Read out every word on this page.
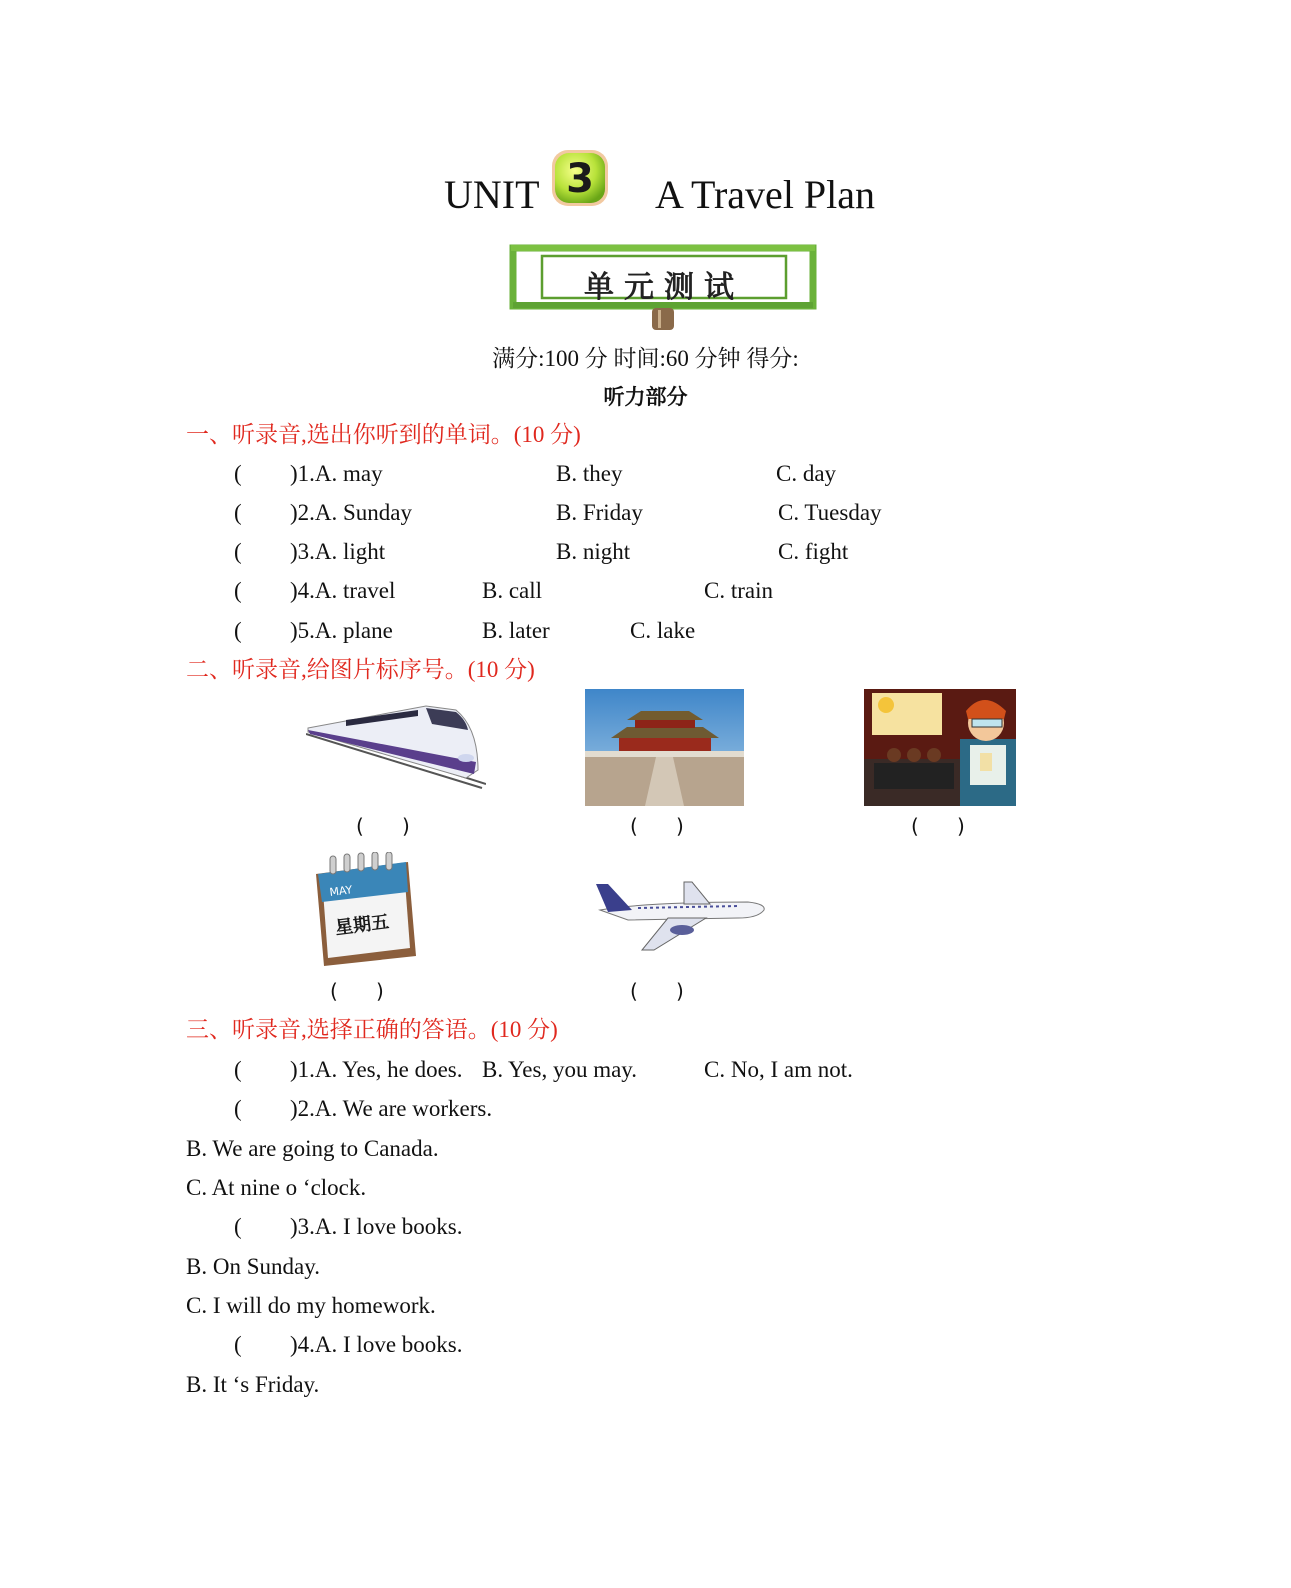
UNIT 3 A Travel Plan
单元测试
满分:100 分 时间:60 分钟 得分:
听力部分
一、听录音,选出你听到的单词。(10 分)
( )1.A. may	B. they	C. day
( )2.A. Sunday	B. Friday	C. Tuesday
( )3.A. light	B. night	C. fight
( )4.A. travel	B. call	C. train
( )5.A. plane	B. later	C. lake
二、听录音,给图片标序号。(10 分)
(      )	(      )	(      )
MAY
星期五
(      )	(      )
三、听录音,选择正确的答语。(10 分)
( )1.A. Yes, he does. B. Yes, you may.	C. No, I am not.
( )2.A. We are workers.
B. We are going to Canada.
C. At nine o ‘clock.
( )3.A. I love books.
B. On Sunday.
C. I will do my homework.
( )4.A. I love books.
B. It ‘s Friday.
